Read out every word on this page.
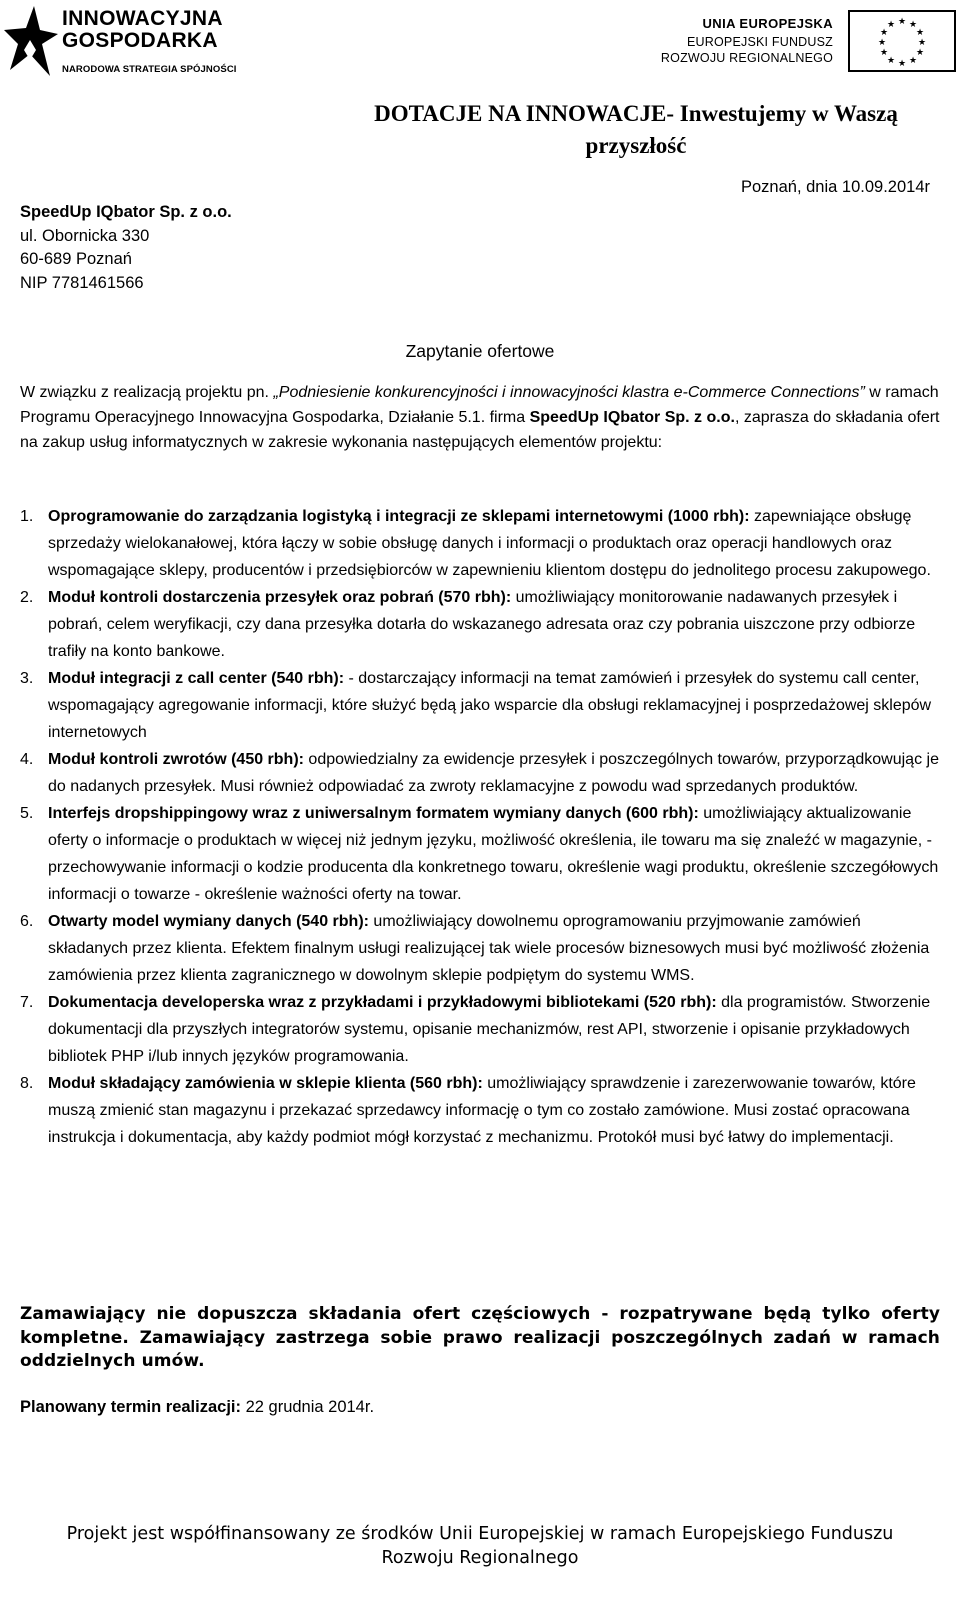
INNOWACYJNA
GOSPODARKA
NARODOWA STRATEGIA SPÓJNOŚCI
UNIA EUROPEJSKA
EUROPEJSKI FUNDUSZ
ROZWOJU REGIONALNEGO
★ ★
★
★
★
★
★
★
★
★
★
★
DOTACJE NA INNOWACJE- Inwestujemy w Waszą
przyszłość
Poznań, dnia 10.09.2014r
SpeedUp IQbator Sp. z o.o.
ul. Obornicka 330
60-689 Poznań
NIP 7781461566
Zapytanie ofertowe
W związku z realizacją projektu pn. „Podniesienie konkurencyjności i innowacyjności klastra e-Commerce Connections” w ramach Programu Operacyjnego Innowacyjna Gospodarka, Działanie 5.1. firma SpeedUp IQbator Sp. z o.o., zaprasza do składania ofert na zakup usług informatycznych w zakresie wykonania następujących elementów projektu:
1. Oprogramowanie do zarządzania logistyką i integracji ze sklepami internetowymi (1000 rbh): zapewniające obsługę sprzedaży wielokanałowej, która łączy w sobie obsługę danych i informacji o produktach oraz operacji handlowych oraz wspomagające sklepy, producentów i przedsiębiorców w zapewnieniu klientom dostępu do jednolitego procesu zakupowego.
2. Moduł kontroli dostarczenia przesyłek oraz pobrań (570 rbh): umożliwiający monitorowanie nadawanych przesyłek i pobrań, celem weryfikacji, czy dana przesyłka dotarła do wskazanego adresata oraz czy pobrania uiszczone przy odbiorze trafiły na konto bankowe.
3. Moduł integracji z call center (540 rbh): - dostarczający informacji na temat zamówień i przesyłek do systemu call center, wspomagający agregowanie informacji, które służyć będą jako wsparcie dla obsługi reklamacyjnej i posprzedażowej sklepów internetowych
4. Moduł kontroli zwrotów (450 rbh): odpowiedzialny za ewidencje przesyłek i poszczególnych towarów, przyporządkowując je do nadanych przesyłek. Musi również odpowiadać za zwroty reklamacyjne z powodu wad sprzedanych produktów.
5. Interfejs dropshippingowy wraz z uniwersalnym formatem wymiany danych (600 rbh): umożliwiający aktualizowanie oferty o informacje o produktach w więcej niż jednym języku, możliwość określenia, ile towaru ma się znaleźć w magazynie, - przechowywanie informacji o kodzie producenta dla konkretnego towaru, określenie wagi produktu, określenie szczegółowych informacji o towarze - określenie ważności oferty na towar.
6. Otwarty model wymiany danych (540 rbh): umożliwiający dowolnemu oprogramowaniu przyjmowanie zamówień składanych przez klienta. Efektem finalnym usługi realizującej tak wiele procesów biznesowych musi być możliwość złożenia zamówienia przez klienta zagranicznego w dowolnym sklepie podpiętym do systemu WMS.
7. Dokumentacja developerska wraz z przykładami i przykładowymi bibliotekami (520 rbh): dla programistów. Stworzenie dokumentacji dla przyszłych integratorów systemu, opisanie mechanizmów, rest API, stworzenie i opisanie przykładowych bibliotek PHP i/lub innych języków programowania.
8. Moduł składający zamówienia w sklepie klienta (560 rbh): umożliwiający sprawdzenie i zarezerwowanie towarów, które muszą zmienić stan magazynu i przekazać sprzedawcy informację o tym co zostało zamówione. Musi zostać opracowana instrukcja i dokumentacja, aby każdy podmiot mógł korzystać z mechanizmu. Protokół musi być łatwy do implementacji.
Zamawiający nie dopuszcza składania ofert częściowych - rozpatrywane będą tylko oferty kompletne. Zamawiający zastrzega sobie prawo realizacji poszczególnych zadań w ramach oddzielnych umów.
Planowany termin realizacji: 22 grudnia 2014r.
Projekt jest współfinansowany ze środków Unii Europejskiej w ramach Europejskiego Funduszu
Rozwoju Regionalnego
